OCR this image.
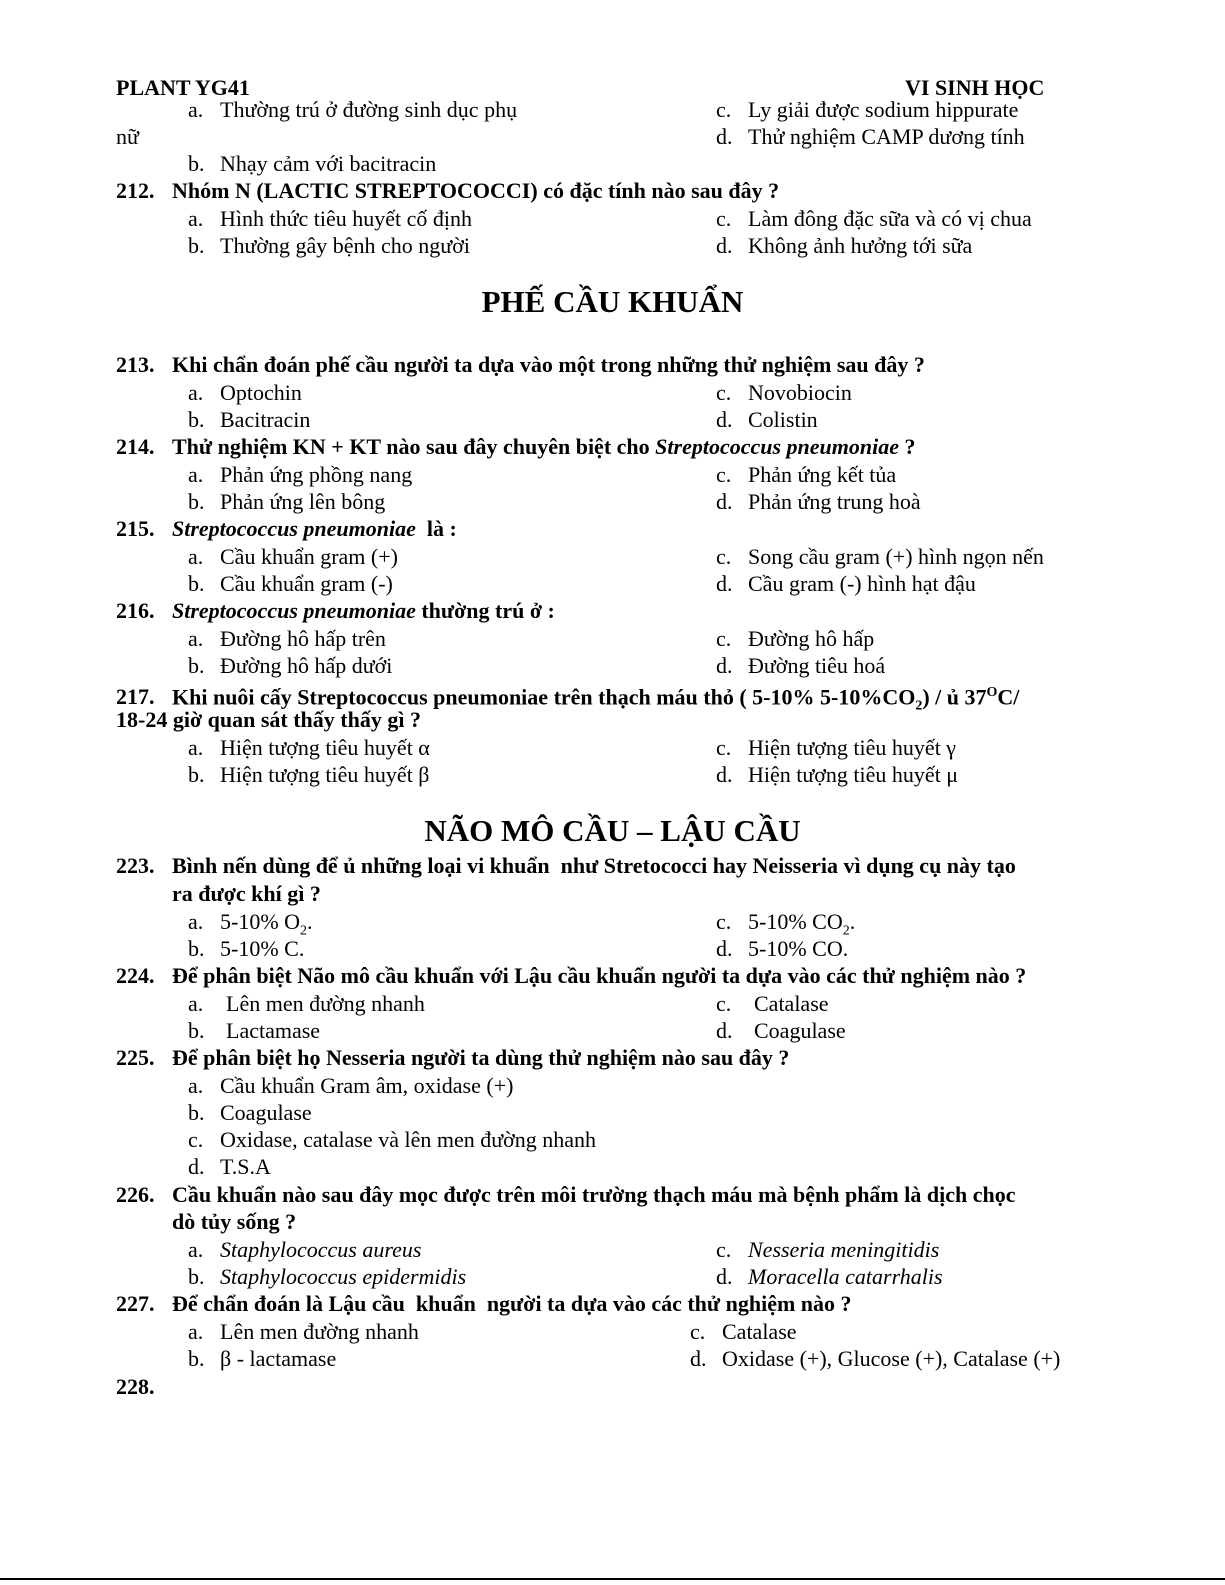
PLANT YG41	VI SINH HỌC
a. Thường trú ở đường sinh dục phụ	c. Ly giải được sodium hippurate
nữ	d. Thử nghiệm CAMP dương tính
b. Nhạy cảm với bacitracin
212. Nhóm N (LACTIC STREPTOCOCCI) có đặc tính nào sau đây ?
a. Hình thức tiêu huyết cố định	c. Làm đông đặc sữa và có vị chua
b. Thường gây bệnh cho người	d. Không ảnh hưởng tới sữa
PHẾ CẦU KHUẨN
213. Khi chẩn đoán phế cầu người ta dựa vào một trong những thử nghiệm sau đây ?
a. Optochin	c. Novobiocin
b. Bacitracin	d. Colistin
214. Thử nghiệm KN + KT nào sau đây chuyên biệt cho Streptococcus pneumoniae ?
a. Phản ứng phồng nang	c. Phản ứng kết tủa
b. Phản ứng lên bông	d. Phản ứng trung hoà
215. Streptococcus pneumoniae  là :
a. Cầu khuẩn gram (+)	c. Song cầu gram (+) hình ngọn nến
b. Cầu khuẩn gram (-)	d. Cầu gram (-) hình hạt đậu
216. Streptococcus pneumoniae thường trú ở :
a. Đường hô hấp trên	c. Đường hô hấp
b. Đường hô hấp dưới	d. Đường tiêu hoá
217. Khi nuôi cấy Streptococcus pneumoniae trên thạch máu thỏ ( 5-10% $5-10\%CO_2$) / ủ $37^OC/$
18-24 giờ quan sát thấy thấy gì ?
a. Hiện tượng tiêu huyết α	c. Hiện tượng tiêu huyết γ
b. Hiện tượng tiêu huyết β	d. Hiện tượng tiêu huyết μ
NÃO MÔ CẦU – LẬU CẦU
223. Bình nến dùng để ủ những loại vi khuẩn  như Stretococci hay Neisseria vì dụng cụ này tạo
ra được khí gì ?
a. 5-10% $O_2$.	c. 5-10% $CO_2$.
b. 5-10% C.	d. 5-10% CO.
224. Để phân biệt Não mô cầu khuẩn với Lậu cầu khuẩn người ta dựa vào các thử nghiệm nào ?
a. Lên men đường nhanh	c. Catalase
b. Lactamase	d. Coagulase
225. Để phân biệt họ Nesseria người ta dùng thử nghiệm nào sau đây ?
a. Cầu khuẩn Gram âm, oxidase (+)
b. Coagulase
c. Oxidase, catalase và lên men đường nhanh
d. T.S.A
226. Cầu khuẩn nào sau đây mọc được trên môi trường thạch máu mà bệnh phẩm là dịch chọc
dò tủy sống ?
a. Staphylococcus aureus	c. Nesseria meningitidis
b. Staphylococcus epidermidis	d. Moracella catarrhalis
227. Để chẩn đoán là Lậu cầu  khuẩn  người ta dựa vào các thử nghiệm nào ?
a. Lên men đường nhanh	c. Catalase
b. β - lactamase	d. Oxidase (+), Glucose (+), Catalase (+)
228.
